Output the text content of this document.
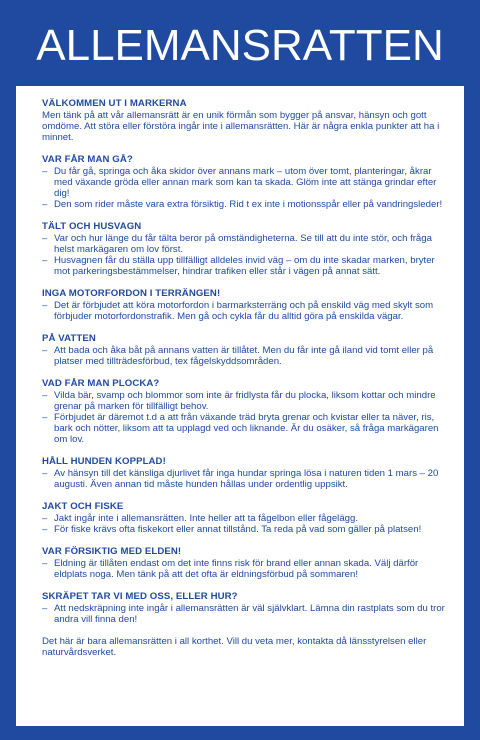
ALLEMANSRATTEN
VÄLKOMMEN UT I MARKERNA

Men tänk på att vår allemansrätt är en unik förmån som bygger på ansvar, hänsyn och gott omdöme. Att störa eller förstöra ingår inte i allemansrätten. Här är några enkla punkter att ha i minnet.

VAR FÅR MAN GÅ?
– Du får gå, springa och åka skidor över annans mark – utom över tomt, planteringar, åkrar med växande gröda eller annan mark som kan ta skada. Glöm inte att stänga grindar efter dig!
– Den som rider måste vara extra försiktig. Rid t ex inte i motionsspår eller på vandringsleder!
TÄLT OCH HUSVAGN
– Var och hur länge du får tälta beror på omständigheterna. Se till att du inte stör, och fråga helst markägaren om lov först.
– Husvagnen får du ställa upp tillfälligt alldeles invid väg – om du inte skadar marken, bryter mot parkeringsbestämmelser, hindrar trafiken eller står i vägen på annat sätt.
INGA MOTORFORDON I TERRÄNGEN!
– Det är förbjudet att köra motorfordon i barmarksterräng och på enskild väg med skylt som förbjuder motorfordonstrafik. Men gå och cykla får du alltid göra på enskilda vägar.
PÅ VATTEN
– Att bada och åka båt på annans vatten är tillåtet. Men du får inte gå iland vid tomt eller på platser med tillträdesförbud, tex fågelskyddsområden.
VAD FÅR MAN PLOCKA?
– Vilda bär, svamp och blommor som inte är fridlysta får du plocka, liksom kottar och mindre grenar på marken för tillfälligt behov.
– Förbjudet är däremot t.d a att från växande träd bryta grenar och kvistar eller ta näver, ris, bark och nötter, liksom att ta upplagd ved och liknande. Är du osäker, så fråga markägaren om lov.
HÅLL HUNDEN KOPPLAD!
– Av hänsyn till det känsliga djurlivet får inga hundar springa lösa i naturen tiden 1 mars – 20 augusti. Även annan tid måste hunden hållas under ordentlig uppsikt.
JAKT OCH FISKE
– Jakt ingår inte i allemansrätten. Inte heller att ta fågelbon eller fågelägg.
– För fiske krävs ofta fiskekort eller annat tillstånd. Ta reda på vad som gäller på platsen!
VAR FÖRSIKTIG MED ELDEN!
– Eldning är tillåten endast om det inte finns risk för brand eller annan skada. Välj därför eldplats noga. Men tänk på att det ofta är eldningsförbud på sommaren!
SKRÄPET TAR VI MED OSS, ELLER HUR?
– Att nedskräpning inte ingår i allemansrätten är väl självklart. Lämna din rastplats som du tror andra vill finna den!

Det här är bara allemansrätten i all korthet. Vill du veta mer, kontakta då länsstyrelsen eller naturvårdsverket.
